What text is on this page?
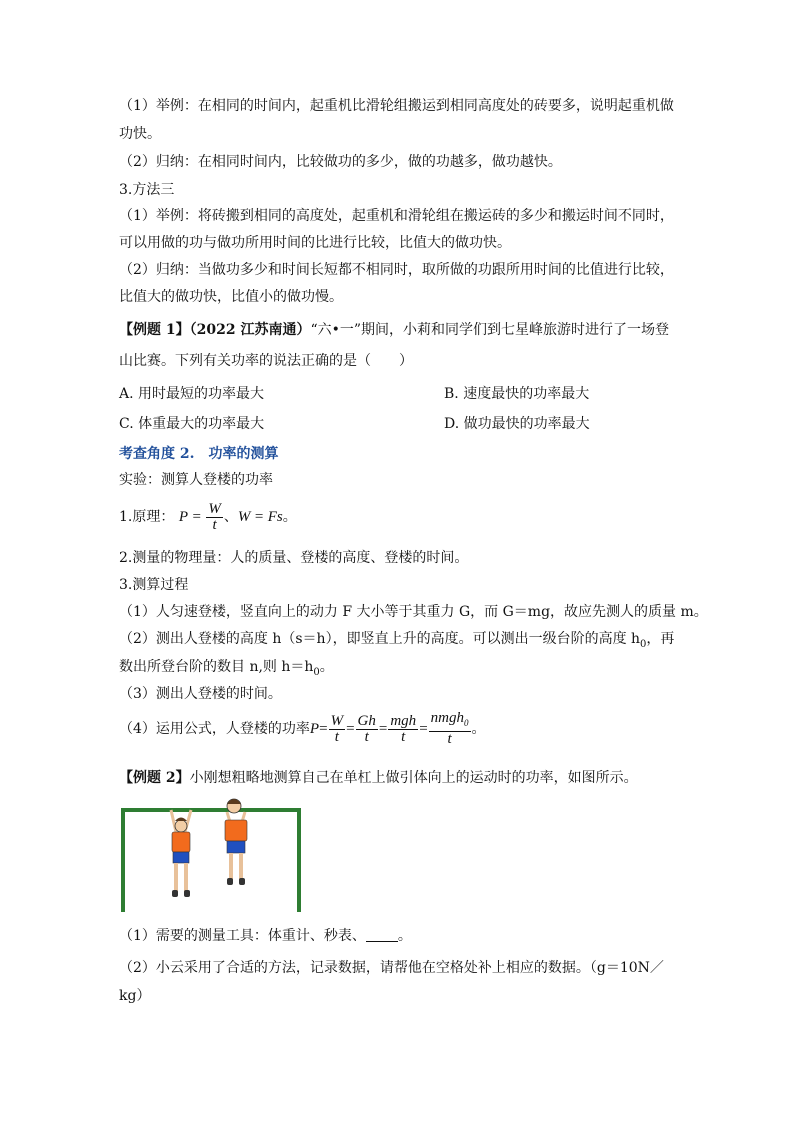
（1）举例：在相同的时间内，起重机比滑轮组搬运到相同高度处的砖要多，说明起重机做
功快。
（2）归纳：在相同时间内，比较做功的多少，做的功越多，做功越快。
3.方法三
（1）举例：将砖搬到相同的高度处，起重机和滑轮组在搬运砖的多少和搬运时间不同时，
可以用做的功与做功所用时间的比进行比较，比值大的做功快。
（2）归纳：当做功多少和时间长短都不相同时，取所做的功跟所用时间的比值进行比较，
比值大的做功快，比值小的做功慢。
【例题 1】（2022 江苏南通）“六•一”期间，小莉和同学们到七星峰旅游时进行了一场登
山比赛。下列有关功率的说法正确的是（　　）
A. 用时最短的功率最大	B. 速度最快的功率最大
C. 体重最大的功率最大	D. 做功最快的功率最大
考查角度 2.　功率的测算
实验：测算人登楼的功率
1.原理： $P = \frac{W}{t}$ 、W = Fs。
2.测量的物理量：人的质量、登楼的高度、登楼的时间。
3.测算过程
（1）人匀速登楼，竖直向上的动力 F 大小等于其重力 G，而 G＝mg，故应先测人的质量 m。
（2）测出人登楼的高度 h（s＝h），即竖直上升的高度。可以测出一级台阶的高度 $h_0$，再
数出所登台阶的数目 n,则 $h=h_0$。
（3）测出人登楼的时间。
（4）运用公式，人登楼的功率$P= \frac{W}{t} = \frac{Gh}{t} = \frac{\text{mgh}}{t} = \frac{nmgh_0}{t}$ 。
【例题 2】小刚想粗略地测算自己在单杠上做引体向上的运动时的功率，如图所示。
（1）需要的测量工具：体重计、秒表、 。
（2）小云采用了合适的方法，记录数据，请帮他在空格处补上相应的数据。（g＝10N／
kg）
